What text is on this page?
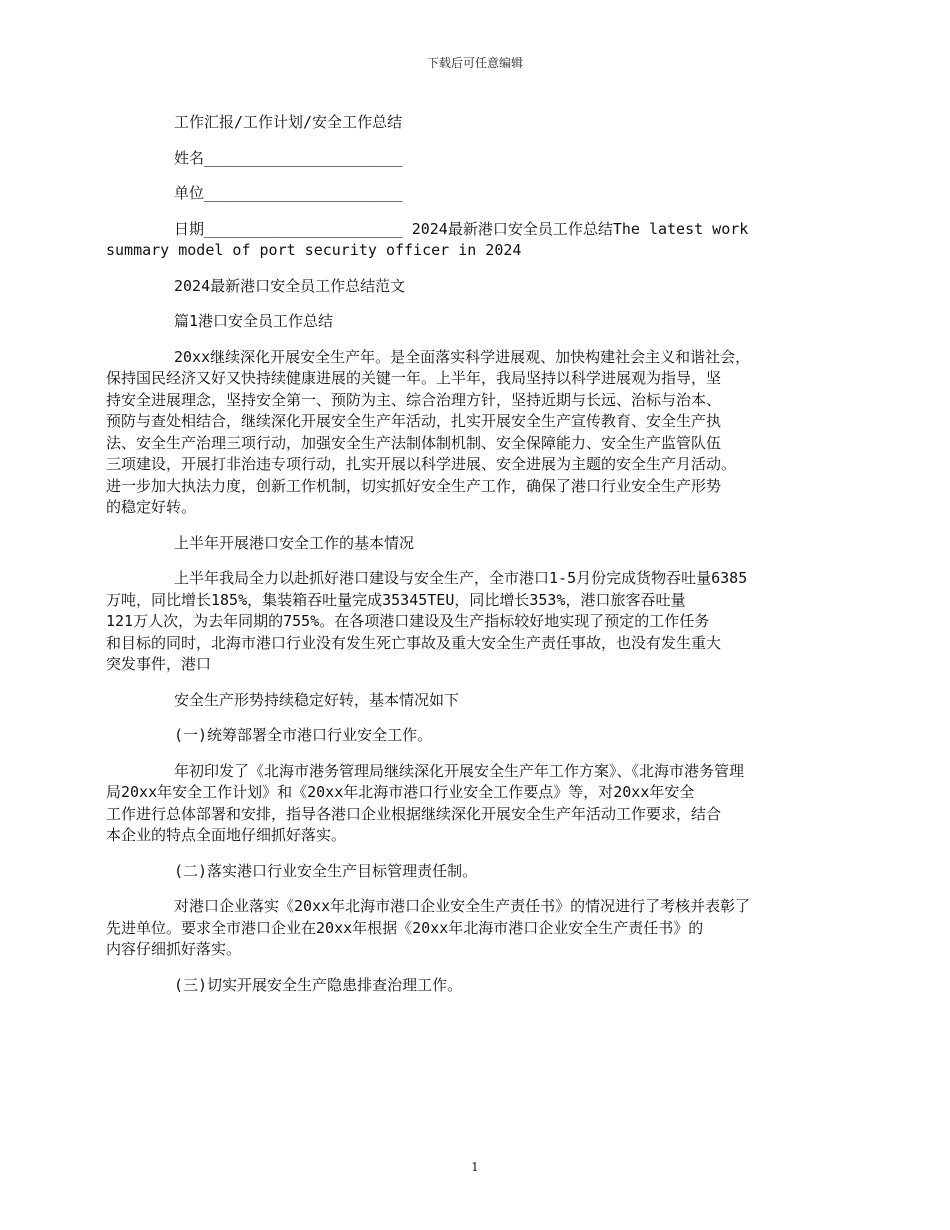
下载后可任意编辑

工作汇报/工作计划/安全工作总结

姓名______________________

单位______________________

日期______________________ 2024最新港口安全员工作总结The latest work
summary model of port security officer in 2024

2024最新港口安全员工作总结范文

篇1港口安全员工作总结

20xx继续深化开展安全生产年。是全面落实科学进展观、加快构建社会主义和谐社会，
保持国民经济又好又快持续健康进展的关键一年。上半年，我局坚持以科学进展观为指导，坚
持安全进展理念，坚持安全第一、预防为主、综合治理方针，坚持近期与长远、治标与治本、
预防与查处相结合，继续深化开展安全生产年活动，扎实开展安全生产宣传教育、安全生产执
法、安全生产治理三项行动，加强安全生产法制体制机制、安全保障能力、安全生产监管队伍
三项建设，开展打非治违专项行动，扎实开展以科学进展、安全进展为主题的安全生产月活动。
进一步加大执法力度，创新工作机制，切实抓好安全生产工作，确保了港口行业安全生产形势
的稳定好转。

上半年开展港口安全工作的基本情况

上半年我局全力以赴抓好港口建设与安全生产，全市港口1-5月份完成货物吞吐量6385
万吨，同比增长185%，集装箱吞吐量完成35345TEU，同比增长353%，港口旅客吞吐量
121万人次，为去年同期的755%。在各项港口建设及生产指标较好地实现了预定的工作任务
和目标的同时，北海市港口行业没有发生死亡事故及重大安全生产责任事故，也没有发生重大
突发事件，港口

安全生产形势持续稳定好转，基本情况如下

(一)统筹部署全市港口行业安全工作。

年初印发了《北海市港务管理局继续深化开展安全生产年工作方案》、《北海市港务管理
局20xx年安全工作计划》和《20xx年北海市港口行业安全工作要点》等，对20xx年安全
工作进行总体部署和安排，指导各港口企业根据继续深化开展安全生产年活动工作要求，结合
本企业的特点全面地仔细抓好落实。

(二)落实港口行业安全生产目标管理责任制。

对港口企业落实《20xx年北海市港口企业安全生产责任书》的情况进行了考核并表彰了
先进单位。要求全市港口企业在20xx年根据《20xx年北海市港口企业安全生产责任书》的
内容仔细抓好落实。

(三)切实开展安全生产隐患排查治理工作。

1
